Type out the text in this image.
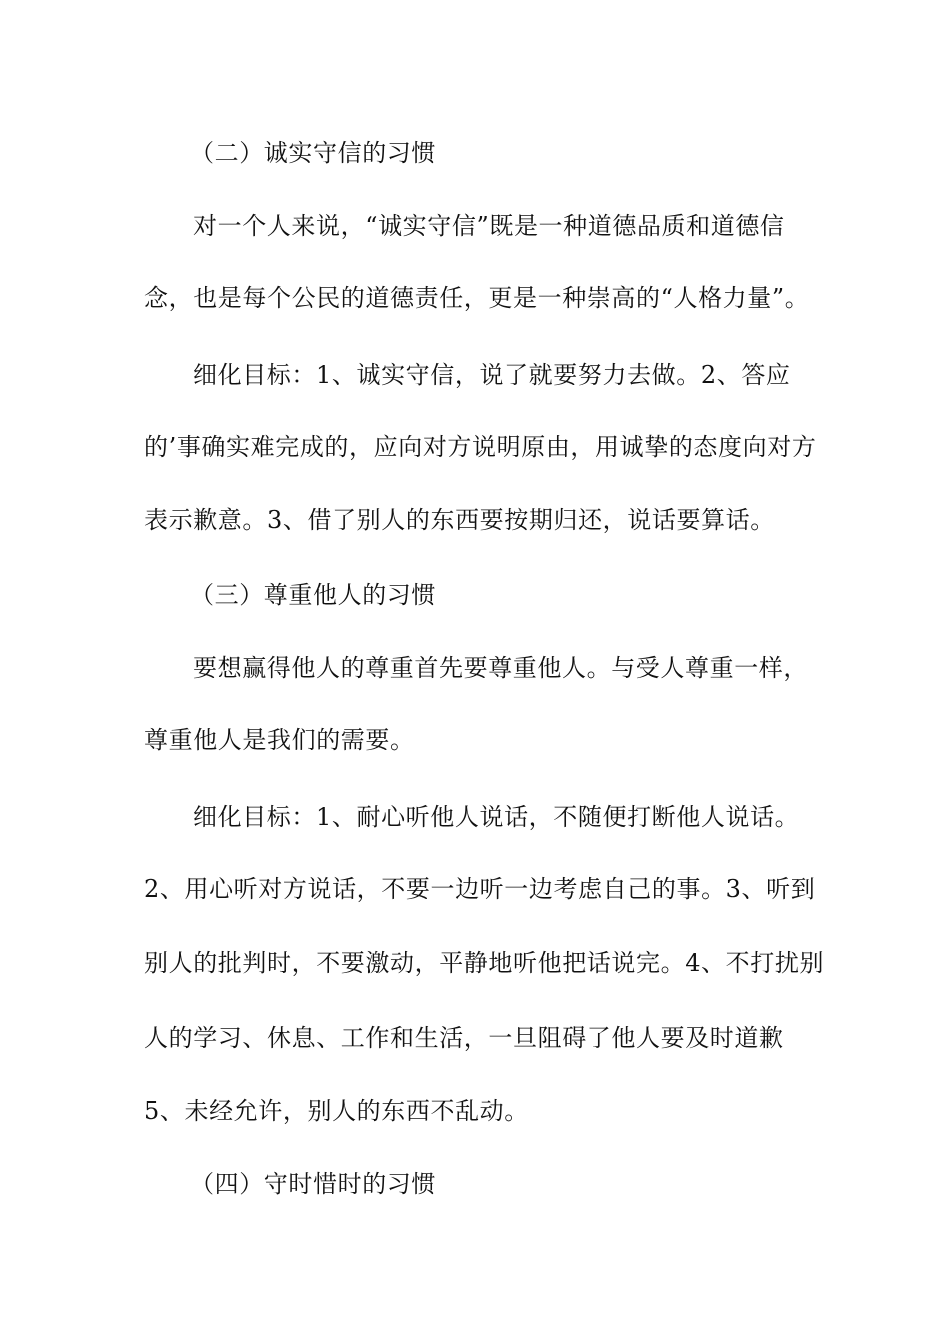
（二）诚实守信的习惯
对一个人来说，“诚实守信”既是一种道德品质和道德信
念，也是每个公民的道德责任，更是一种崇高的“人格力量”。
细化目标：1、诚实守信，说了就要努力去做。2、答应
的’事确实难完成的，应向对方说明原由，用诚挚的态度向对方
表示歉意。3、借了别人的东西要按期归还，说话要算话。
（三）尊重他人的习惯
要想赢得他人的尊重首先要尊重他人。与受人尊重一样，
尊重他人是我们的需要。
细化目标：1、耐心听他人说话，不随便打断他人说话。
2、用心听对方说话，不要一边听一边考虑自己的事。3、听到
别人的批判时，不要激动，平静地听他把话说完。4、不打扰别
人的学习、休息、工作和生活，一旦阻碍了他人要及时道歉
5、未经允许，别人的东西不乱动。
（四）守时惜时的习惯
